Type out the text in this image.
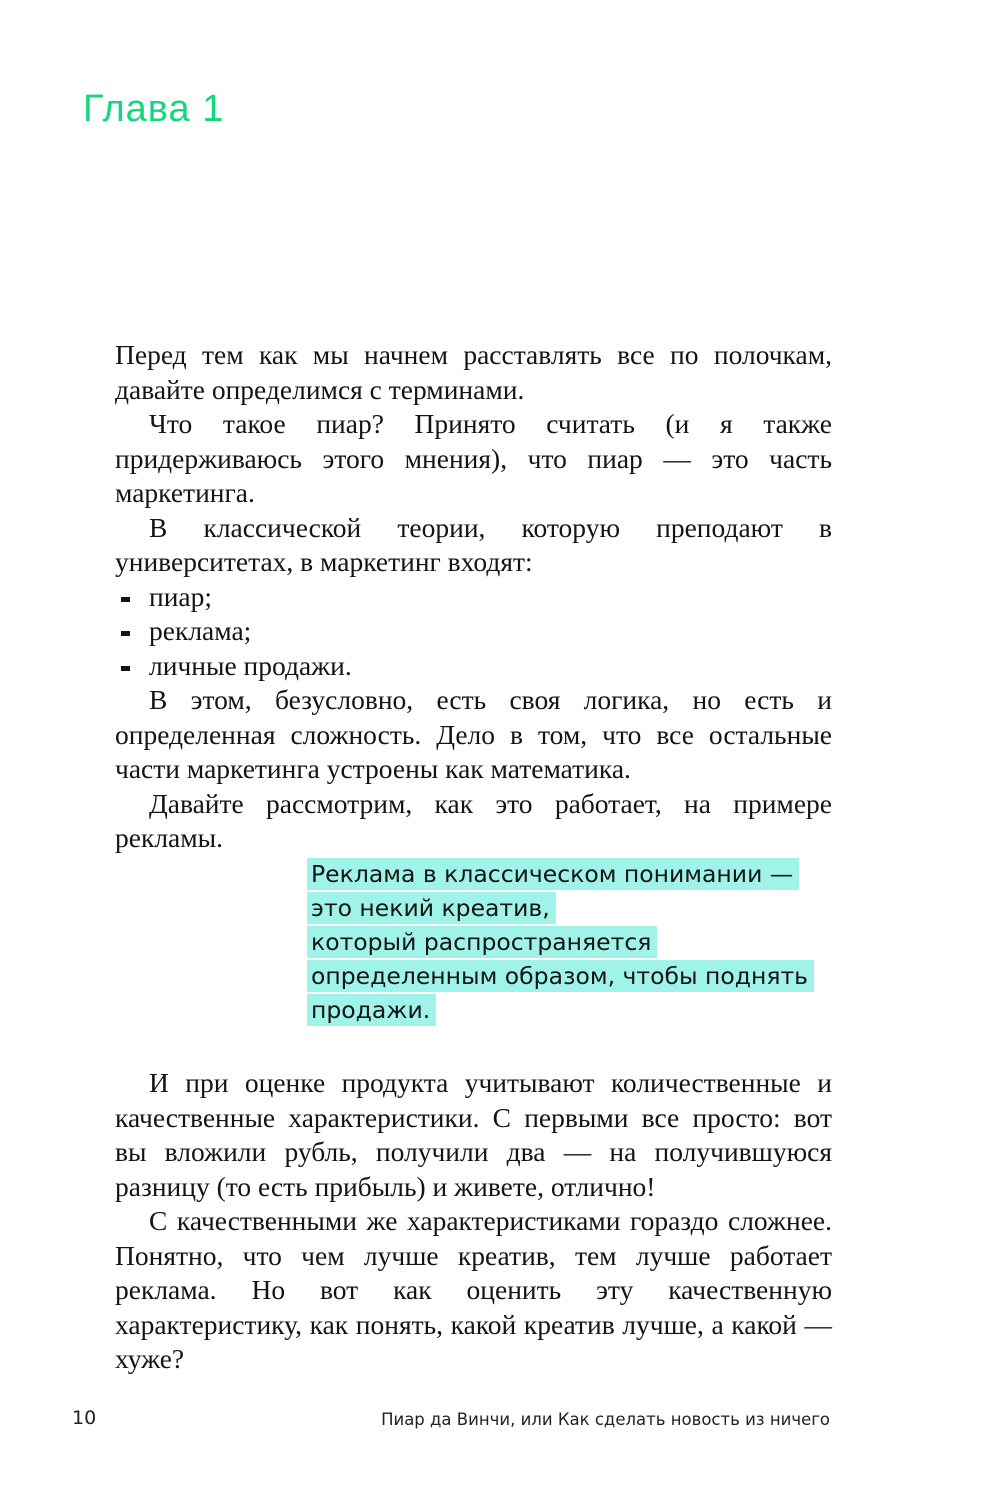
Глава 1

Перед тем как мы начнем расставлять все по полочкам, давайте определимся с терминами.

Что такое пиар? Принято считать (и я также придерживаюсь этого мнения), что пиар — это часть маркетинга.

В классической теории, которую преподают в университетах, в маркетинг входят:

пиар;
реклама;
личные продажи.

В этом, безусловно, есть своя логика, но есть и определенная сложность. Дело в том, что все остальные части маркетинга устроены как математика.

Давайте рассмотрим, как это работает, на примере рекламы.

Реклама в классическом понимании —
это некий креатив,
который распространяется
определенным образом, чтобы поднять
продажи.

И при оценке продукта учитывают количественные и качественные характеристики. С первыми все просто: вот вы вложили рубль, получили два — на получившуюся разницу (то есть прибыль) и живете, отлично!

С качественными же характеристиками гораздо сложнее. Понятно, что чем лучше креатив, тем лучше работает реклама. Но вот как оценить эту качественную характеристику, как понять, какой креатив лучше, а какой — хуже?

10	Пиар да Винчи, или Как сделать новость из ничего
